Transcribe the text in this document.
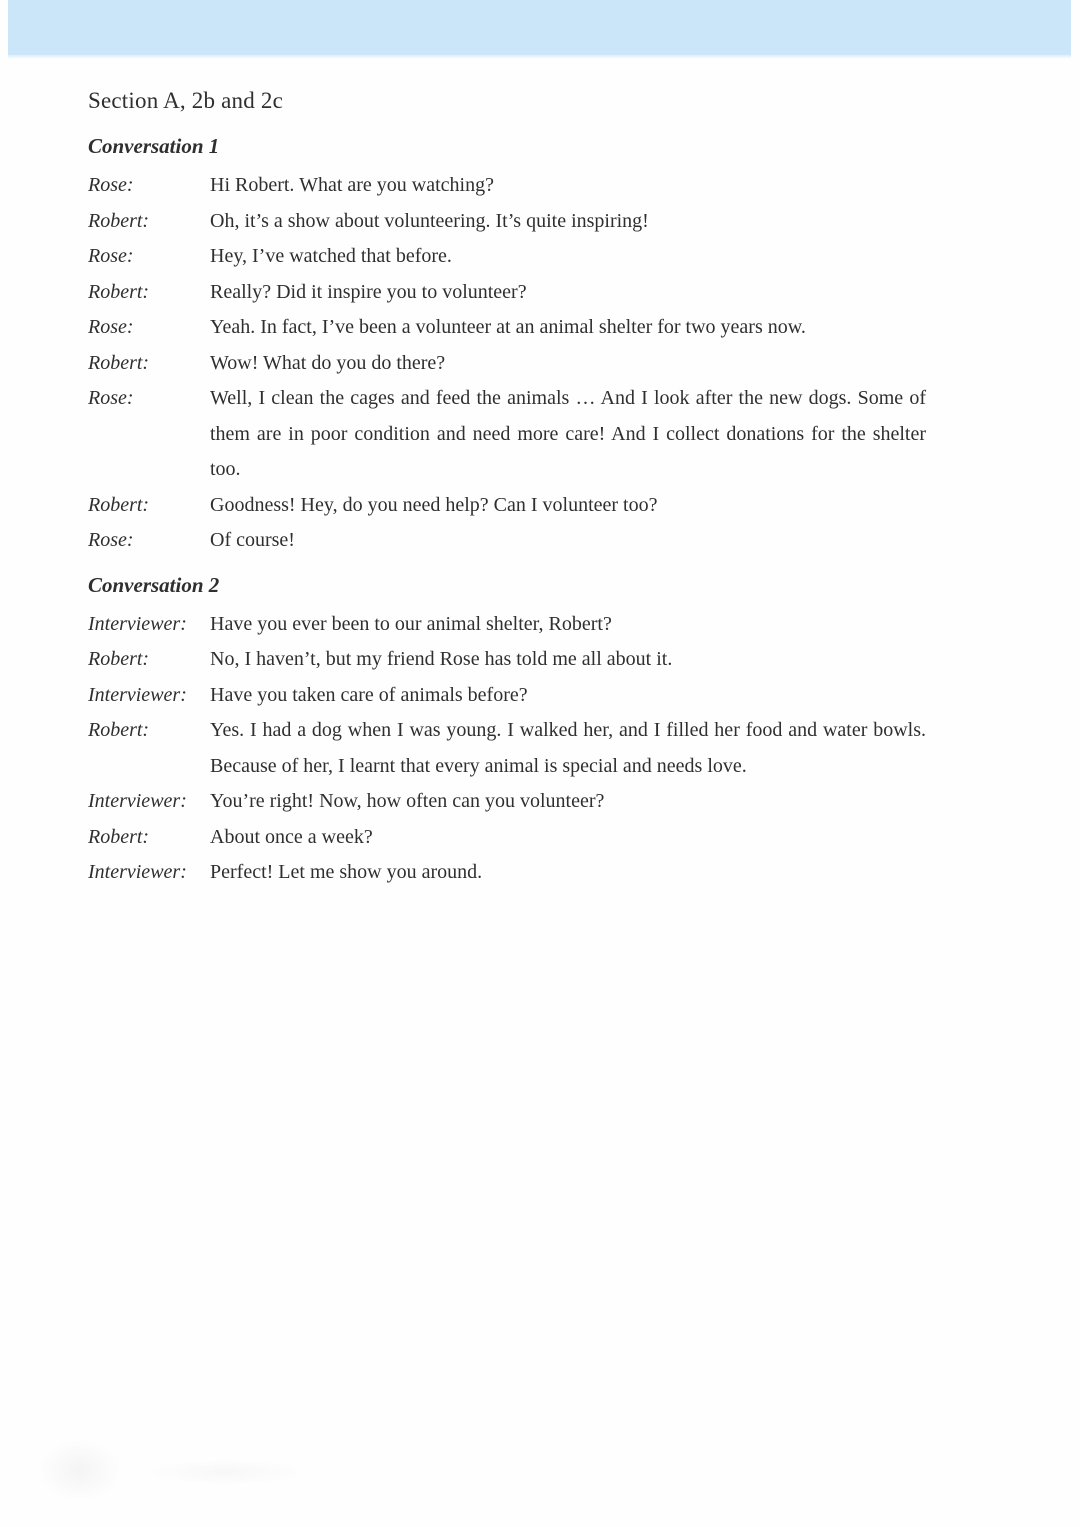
Section A, 2b and 2c
Conversation 1
Rose:	Hi Robert. What are you watching?
Robert:	Oh, it’s a show about volunteering. It’s quite inspiring!
Rose:	Hey, I’ve watched that before.
Robert:	Really? Did it inspire you to volunteer?
Rose:	Yeah. In fact, I’ve been a volunteer at an animal shelter for two years now.
Robert:	Wow! What do you do there?
Rose:	Well, I clean the cages and feed the animals … And I look after the new dogs. Some of them are in poor condition and need more care! And I collect donations for the shelter too.
Robert:	Goodness! Hey, do you need help? Can I volunteer too?
Rose:	Of course!
Conversation 2
Interviewer:	Have you ever been to our animal shelter, Robert?
Robert:	No, I haven’t, but my friend Rose has told me all about it.
Interviewer:	Have you taken care of animals before?
Robert:	Yes. I had a dog when I was young. I walked her, and I filled her food and water bowls. Because of her, I learnt that every animal is special and needs love.
Interviewer:	You’re right! Now, how often can you volunteer?
Robert:	About once a week?
Interviewer:	Perfect! Let me show you around.
